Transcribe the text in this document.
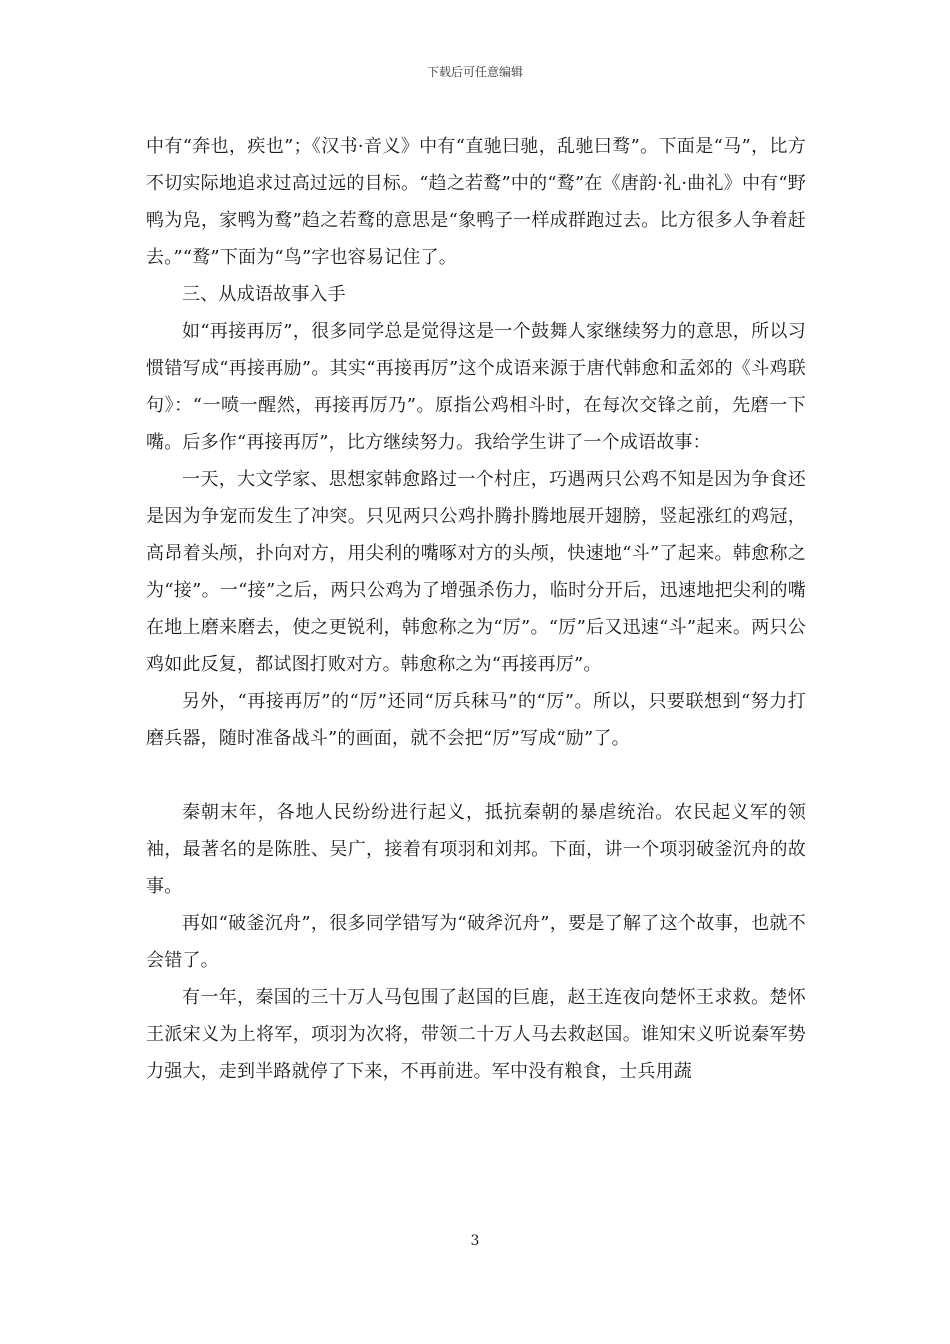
下载后可任意编辑

中有“奔也，疾也”；《汉书·音义》中有“直驰曰驰，乱驰曰骛”。下面是“马”，比方不切实际地追求过高过远的目标。“趋之若鹜”中的“鹜”在《唐韵·礼·曲礼》中有“野鸭为凫，家鸭为鹜”趋之若鹜的意思是“象鸭子一样成群跑过去。比方很多人争着赶去。”“鹜”下面为“鸟”字也容易记住了。

三、从成语故事入手

如“再接再厉”，很多同学总是觉得这是一个鼓舞人家继续努力的意思，所以习惯错写成“再接再励”。其实“再接再厉”这个成语来源于唐代韩愈和孟郊的《斗鸡联句》：“一喷一醒然，再接再厉乃”。原指公鸡相斗时，在每次交锋之前，先磨一下嘴。后多作“再接再厉”，比方继续努力。我给学生讲了一个成语故事：

一天，大文学家、思想家韩愈路过一个村庄，巧遇两只公鸡不知是因为争食还是因为争宠而发生了冲突。只见两只公鸡扑腾扑腾地展开翅膀，竖起涨红的鸡冠，高昂着头颅，扑向对方，用尖利的嘴啄对方的头颅，快速地“斗”了起来。韩愈称之为“接”。一“接”之后，两只公鸡为了增强杀伤力，临时分开后，迅速地把尖利的嘴在地上磨来磨去，使之更锐利，韩愈称之为“厉”。“厉”后又迅速“斗”起来。两只公鸡如此反复，都试图打败对方。韩愈称之为“再接再厉”。

另外，“再接再厉”的“厉”还同“厉兵秣马”的“厉”。所以，只要联想到“努力打磨兵器，随时准备战斗”的画面，就不会把“厉”写成“励”了。

秦朝末年，各地人民纷纷进行起义，抵抗秦朝的暴虐统治。农民起义军的领袖，最著名的是陈胜、吴广，接着有项羽和刘邦。下面，讲一个项羽破釜沉舟的故事。

再如“破釜沉舟”，很多同学错写为“破斧沉舟”，要是了解了这个故事，也就不会错了。

有一年，秦国的三十万人马包围了赵国的巨鹿，赵王连夜向楚怀王求救。楚怀王派宋义为上将军，项羽为次将，带领二十万人马去救赵国。谁知宋义听说秦军势力强大，走到半路就停了下来，不再前进。军中没有粮食，士兵用蔬

3
